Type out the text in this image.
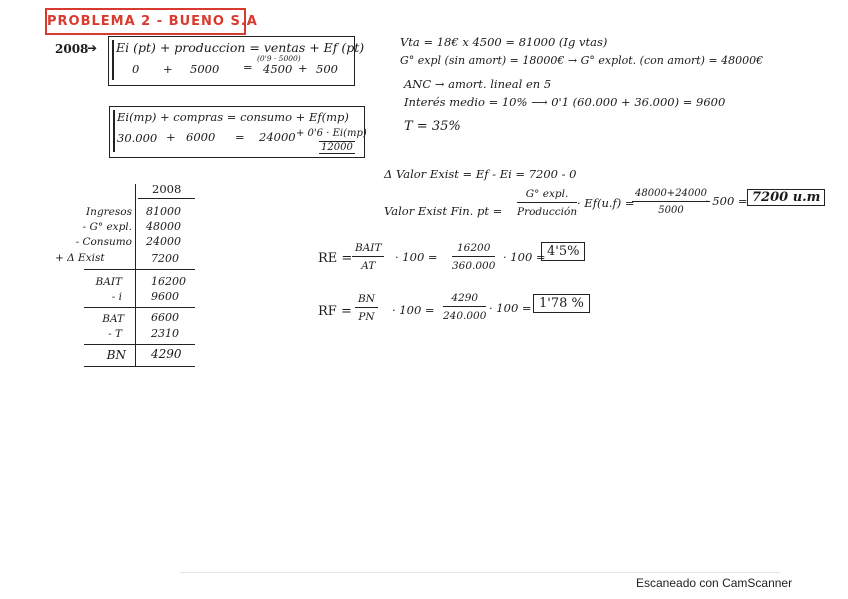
PROBLEMA 2 - BUENO S.A
2008
➔ Ei (pt) + produccion = ventas + Ef (pt)
(0'9 · 5000)
0 + 5000 = 4500 + 500
Ei(mp) + compras = consumo + Ef(mp)
30.000 + 6000 = 24000 + 0'6 · Ei(mp)
12000
Vta = 18€ x 4500 = 81000 (Ig vtas)
G° expl (sin amort) = 18000€ → G° explot. (con amort) = 48000€
ANC → amort. lineal en 5
Interés medio = 10% ⟶ 0'1 (60.000 + 36.000) = 9600
T = 35%
Δ Valor Exist = Ef - Ei = 7200 - 0
Valor Exist Fin. pt =
G° expl.
Producción
· Ef(u.f) =
$\frac{48000+24000}{5000}$
· 500 = 7200 u.m
2008
Ingresos 81000
- G° expl. 48000
- Consumo 24000
+ Δ Exist	7200
BAIT	16200
- i	9600
BAT 6600
- T	2310
BN 4290
RE =
BAIT
AT
· $100 = \frac{16200}{360.000} \cdot 100 = 4'5\%$
RF = $\frac{BN}{PN} \cdot 100 = \frac{4290}{240.000} \cdot 100 = 1'78$ %
Escaneado con CamScanner
